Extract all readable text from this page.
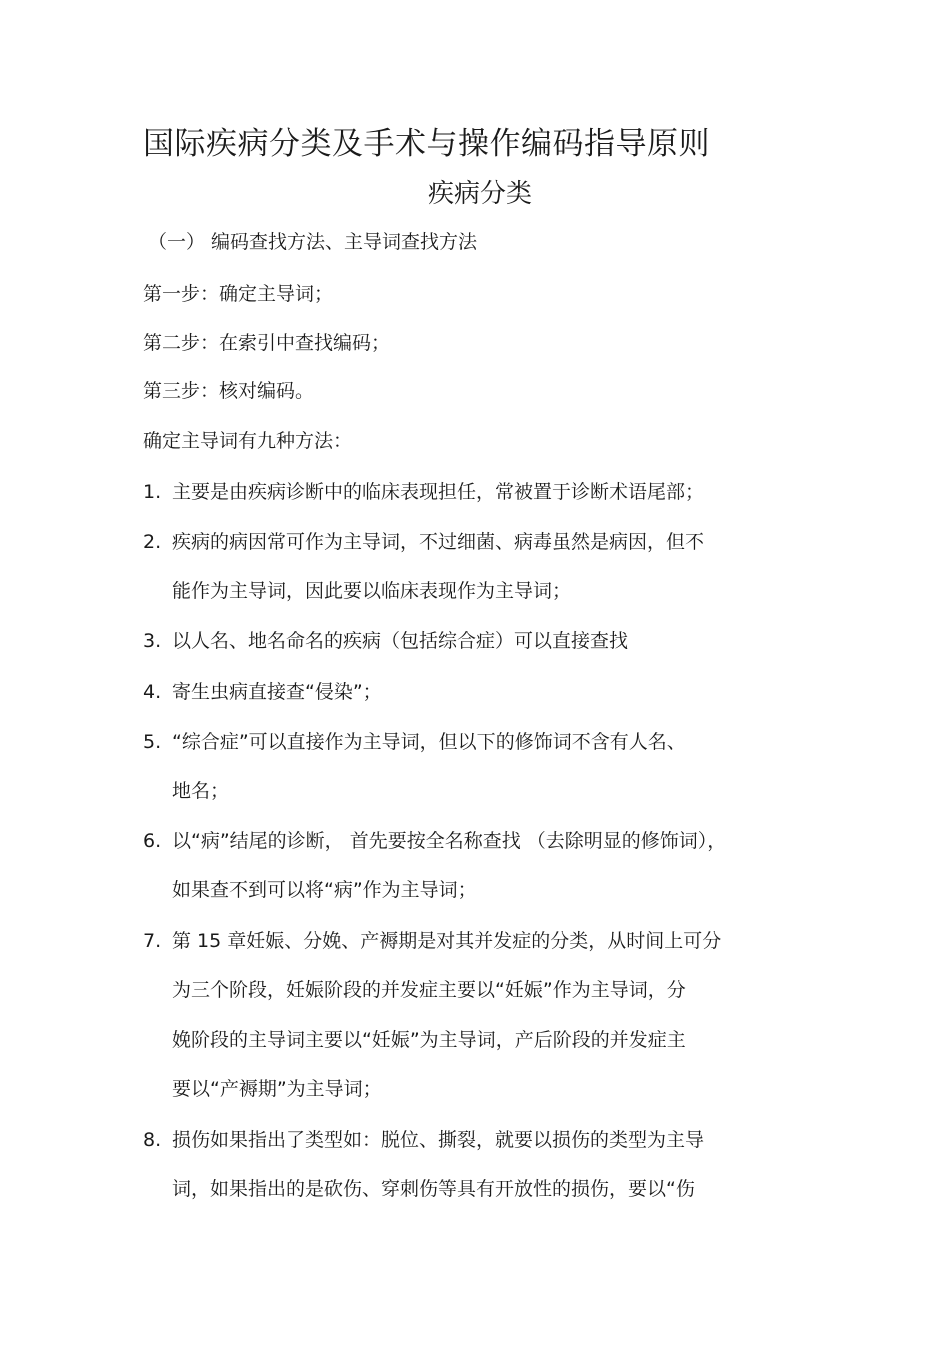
国际疾病分类及手术与操作编码指导原则
疾病分类

（一） 编码查找方法、主导词查找方法

第一步：确定主导词；

第二步：在索引中查找编码；

第三步：核对编码。

确定主导词有九种方法：

1. 主要是由疾病诊断中的临床表现担任，常被置于诊断术语尾部；
2. 疾病的病因常可作为主导词，不过细菌、病毒虽然是病因，但不
能作为主导词，因此要以临床表现作为主导词；
3. 以人名、地名命名的疾病（包括综合症）可以直接查找
4. 寄生虫病直接查“侵染”；
5. “综合症”可以直接作为主导词，但以下的修饰词不含有人名、
地名；
6. 以“病”结尾的诊断， 首先要按全名称查找 （去除明显的修饰词），
如果查不到可以将“病”作为主导词；
7. 第 15 章妊娠、分娩、产褥期是对其并发症的分类，从时间上可分
为三个阶段，妊娠阶段的并发症主要以“妊娠”作为主导词，分
娩阶段的主导词主要以“妊娠”为主导词，产后阶段的并发症主
要以“产褥期”为主导词；
8. 损伤如果指出了类型如：脱位、撕裂，就要以损伤的类型为主导
词，如果指出的是砍伤、穿刺伤等具有开放性的损伤，要以“伤
